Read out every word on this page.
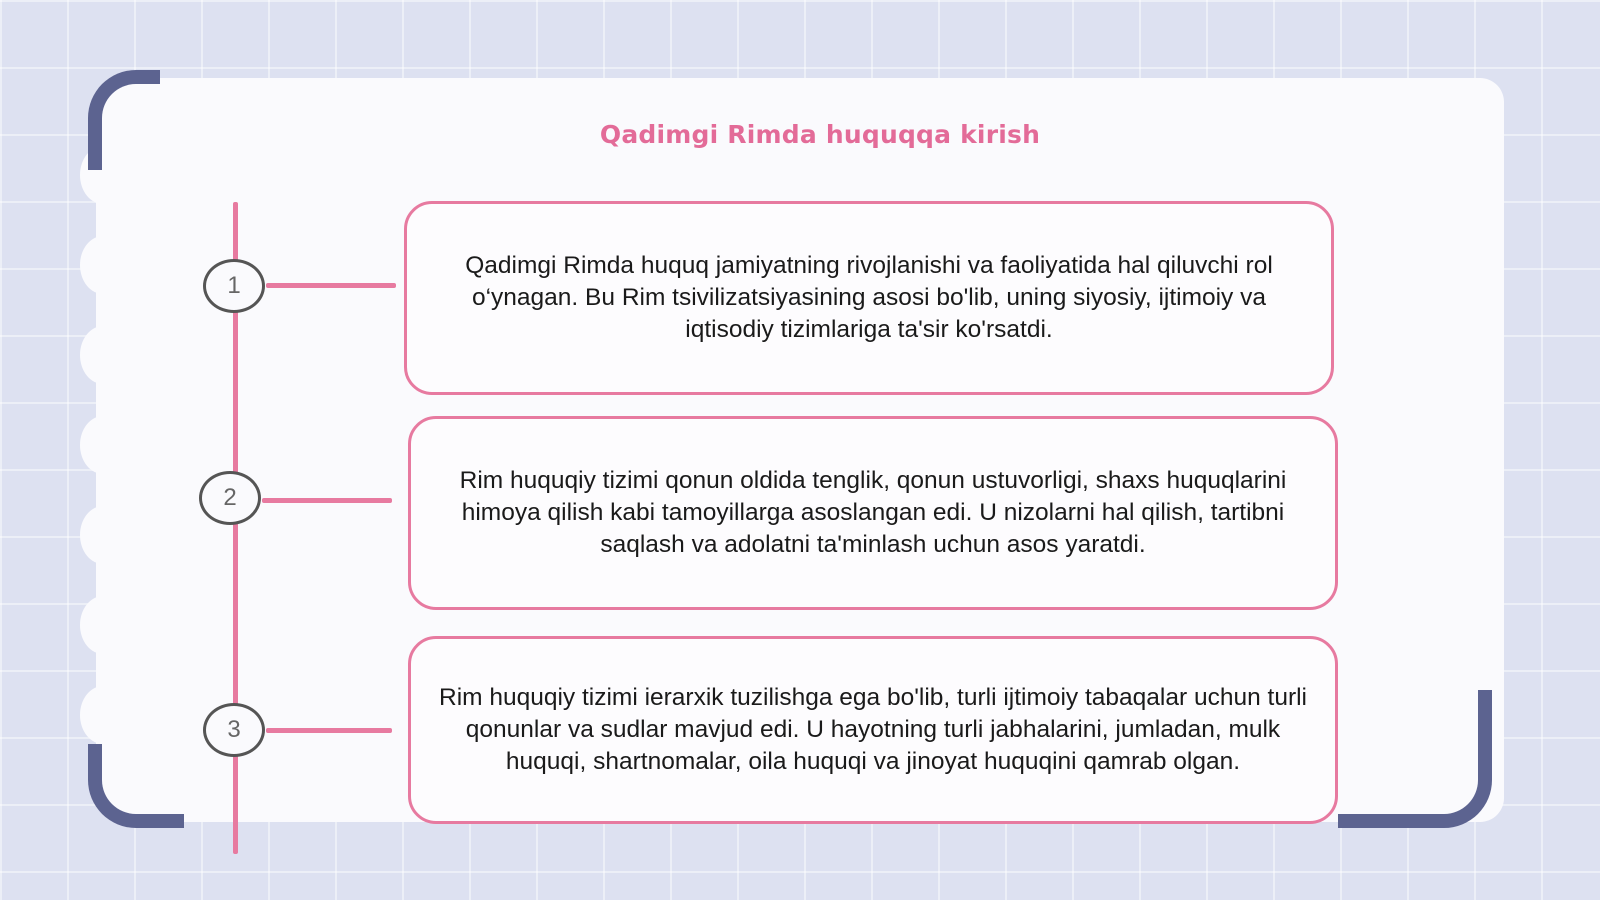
Qadimgi Rimda huquqqa kirish
1
2
3

Qadimgi Rimda huquq jamiyatning rivojlanishi va faoliyatida hal qiluvchi rol o‘ynagan. Bu Rim tsivilizatsiyasining asosi bo'lib, uning siyosiy, ijtimoiy va iqtisodiy tizimlariga ta'sir ko'rsatdi.

Rim huquqiy tizimi qonun oldida tenglik, qonun ustuvorligi, shaxs huquqlarini himoya qilish kabi tamoyillarga asoslangan edi. U nizolarni hal qilish, tartibni saqlash va adolatni ta'minlash uchun asos yaratdi.

Rim huquqiy tizimi ierarxik tuzilishga ega bo'lib, turli ijtimoiy tabaqalar uchun turli qonunlar va sudlar mavjud edi. U hayotning turli jabhalarini, jumladan, mulk huquqi, shartnomalar, oila huquqi va jinoyat huquqini qamrab olgan.
